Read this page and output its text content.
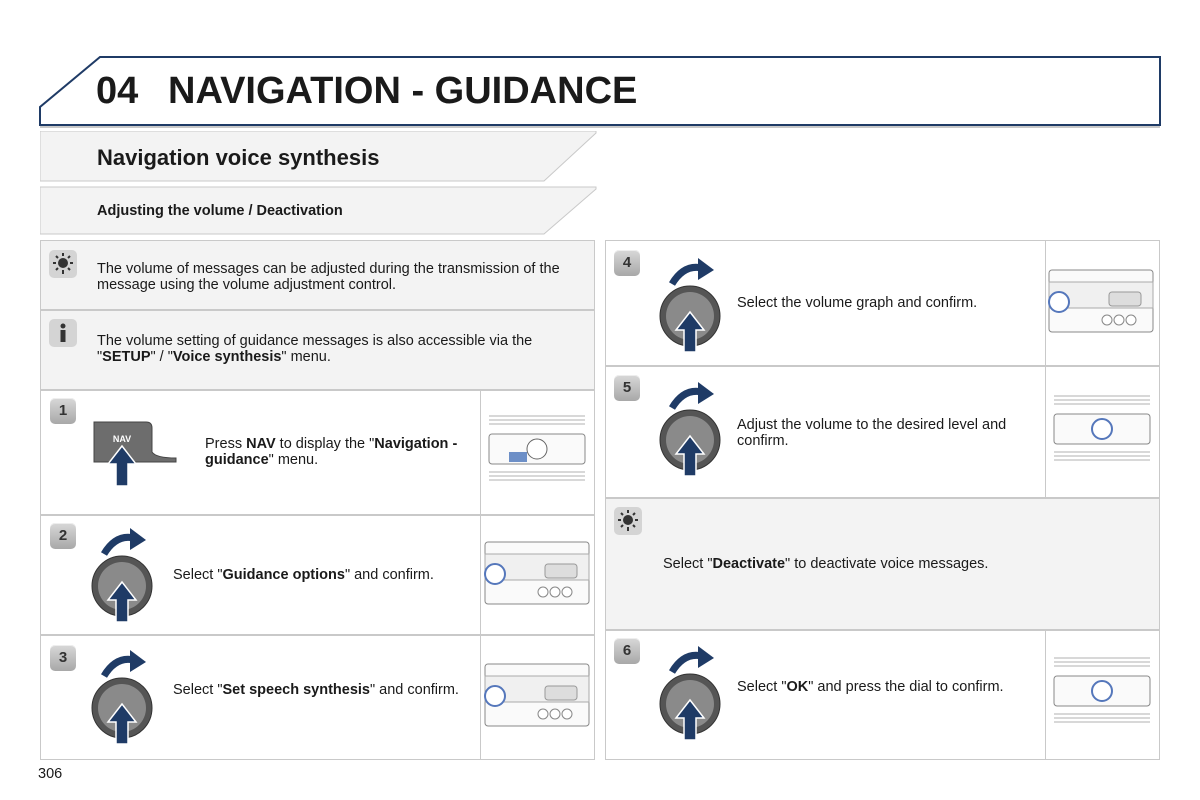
04 NAVIGATION - GUIDANCE
Navigation voice synthesis
Adjusting the volume / Deactivation
The volume of messages can be adjusted during the transmission of the message using the volume adjustment control.
The volume setting of guidance messages is also accessible via the "SETUP" / "Voice synthesis" menu.
1
NAV	Press NAV to display the "Navigation - guidance" menu.
2
Select "Guidance options" and confirm.
3
Select "Set speech synthesis" and confirm.
4
Select the volume graph and confirm.
5
Adjust the volume to the desired level and confirm.
Select "Deactivate" to deactivate voice messages.
6
Select "OK" and press the dial to confirm.
306
